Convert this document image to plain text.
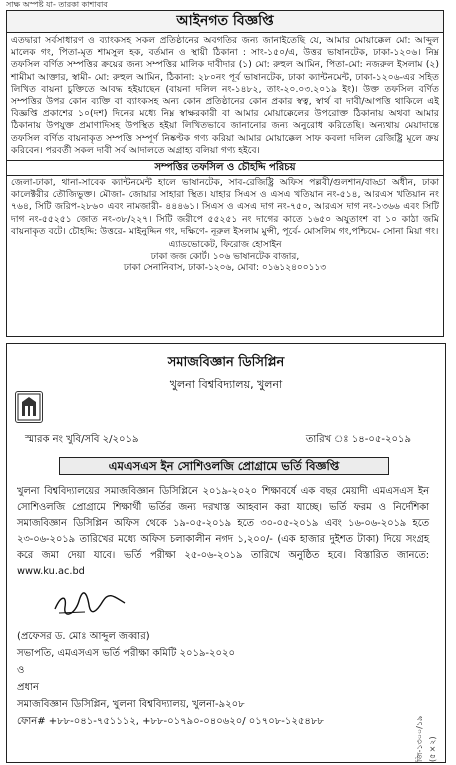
সাক্ষ অস্পষ্ট যা- তারকা কাশাবাব
আইনগত বিজ্ঞপ্তি

এতদ্বারা সর্বসাধারণ ও ব্যাংকসহ সকল প্রতিষ্ঠানের অবগতির জন্য জানাইতেছি যে, আমার মোয়াক্কেল মো: আব্দুল মালেক গং, পিতা-মৃত শামসুল হক, বর্তমান ও স্থায়ী ঠিকানা : সাং-১৫০/এ, উত্তর ভাষানটেক, ঢাকা-১২০৬। নিম্ন তফসিল বর্ণিত সম্পত্তির ক্রয়ের জন্য সম্পত্তির মালিক দাবীদার (১) মো: রুহুল আমিন, পিতা-মো: নজরুল ইসলাম (২) শামীমা আক্তার, স্বামী- মো: রুহুল আমিন, ঠিকানা: ২৮০নং পূর্ব ভাষানটেক, ঢাকা ক্যান্টনমেন্ট, ঢাকা-১২০৬-এর সহিত লিখিত বায়না চুক্তিতে আবদ্ধ হইয়াছেন (বায়না দলিল নং-১৪৮২, তাং-২০.০৩.২০১৯ ইং)। উক্ত তফসিল বর্ণিত সম্পত্তির উপর কোন ব্যক্তি বা ব্যাংকসহ অন্য কোন প্রতিষ্ঠানের কোন প্রকার স্বত্ব, স্বার্থ বা দাবী/আপত্তি থাকিলে এই বিজ্ঞপ্তি প্রকাশের ১০(দশ) দিনের মধ্যে নিম্ন স্বাক্ষরকারী বা আমার মোয়াক্কেলের উপরোক্ত ঠিকানায় অথবা আমার ঠিকানায় উপযুক্ত প্রমাণাদিসহ উপস্থিত হইয়া লিখিতভাবে জানানোর জন্য অনুরোধ করিতেছি। অন্যথায় মেয়াদান্তে তফসিল বর্ণিত বায়নাকৃত সম্পত্তি সম্পূর্ণ নিষ্কণ্টক গণ্য করিয়া আমার মোয়াক্কেল সাফ কবলা দলিল রেজিষ্ট্রি মূলে ক্রয় করিবেন। পরবর্তী সকল দাবী সর্ব আদালতে অগ্রাহ্য বলিয়া গণ্য হইবে।

সম্পত্তির তফসিল ও চৌহদ্দি পরিচয়

জেলা-ঢাকা, থানা-সাবেক ক্যান্টনমেন্ট হালে ভাষানটেক, সাব-রেজিষ্ট্রি অফিস পল্লবী/গুলশান/বাড্ডা অধীন, ঢাকা কালেক্টরীর তৌজিভুক্ত। মৌজা- জোয়ার সাহারা স্থিত। যাহার সিএস ও এসএ খতিয়ান নং-৫১৪, আরএস খতিয়ান নং ৭৬৪, সিটি জরিপ-২৮৬০ এবং নামজারী- ৪৪৪৬১। সিএস ও এসএ দাগ নং-৭৫০, আরএস দাগ নং-১৩৬৬ এবং সিটি দাগ নং-৫৫২৫১ জোত নং-৩৮/২২৭। সিটি জরীপে ৫৫২৫১ নং দাগের কাতে ১৬৫০ অযুতাংশ বা ১০ কাঠা জমি বায়নাকৃত বটে। চৌহদ্দি: উত্তরে- মাইনুদ্দিন গং, দক্ষিণে- নূরুল ইসলাম মুন্সী, পূর্বে- মোসলিম গং,পশ্চিমে- সোনা মিয়া গং।

এ্যাডভোকেট, ফিরোজ হোসাইন
ঢাকা জজ কোর্ট। ১০৬ ভাষানটেক বাজার,
ঢাকা সেনানিবাস, ঢাকা-১২০৬, মোবা: ০১৬১২৪০০১১৩
সমাজবিজ্ঞান ডিসিপ্লিন
খুলনা বিশ্ববিদ্যালয়, খুলনা
স্মারক নং খুবি/সবি ২/২০১৯	তারিখ ঃ ১৪-০৫-২০১৯
এমএসএস ইন সোশিওলজি প্রোগ্রামে ভর্তি বিজ্ঞপ্তি
খুলনা বিশ্ববিদ্যালয়ের সমাজবিজ্ঞান ডিসিপ্লিনে ২০১৯-২০২০ শিক্ষাবর্ষে এক বছর মেয়াদী এমএসএস ইন সোশিওলজি প্রোগ্রামে শিক্ষার্থী ভর্তির জন্য দরখাস্ত আহবান করা যাচ্ছে। ভর্তি ফরম ও নির্দেশিকা সমাজবিজ্ঞান ডিসিপ্লিন অফিস থেকে ১৯-০৫-২০১৯ হতে ৩০-০৫-২০১৯ এবং ১৬-০৬-২০১৯ হতে ২৩-০৬-২০১৯ তারিখের মধ্যে অফিস চলাকালীন নগদ ১,২০০/- (এক হাজার দুইশত টাকা) দিয়ে সংগ্রহ করে জমা দেয়া যাবে। ভর্তি পরীক্ষা ২৫-০৬-২০১৯ তারিখে অনুষ্ঠিত হবে। বিস্তারিত জানতে: www.ku.ac.bd
(প্রফেসর ড. মোঃ আব্দুল জব্বার)
সভাপতি, এমএসএস ভর্তি পরীক্ষা কমিটি ২০১৯-২০২০
ও
প্রধান
সমাজবিজ্ঞান ডিসিপ্লিন, খুলনা বিশ্ববিদ্যালয়, খুলনা-৯২০৮
ফোন# +৮৮-০৪১-৭৫১১১২, +৮৮-০১৭৯০-০৪০৬২০/ ০১৭০৮-১২৫৪৮৮	জি-১৩০০/১৯ (৫×২)
